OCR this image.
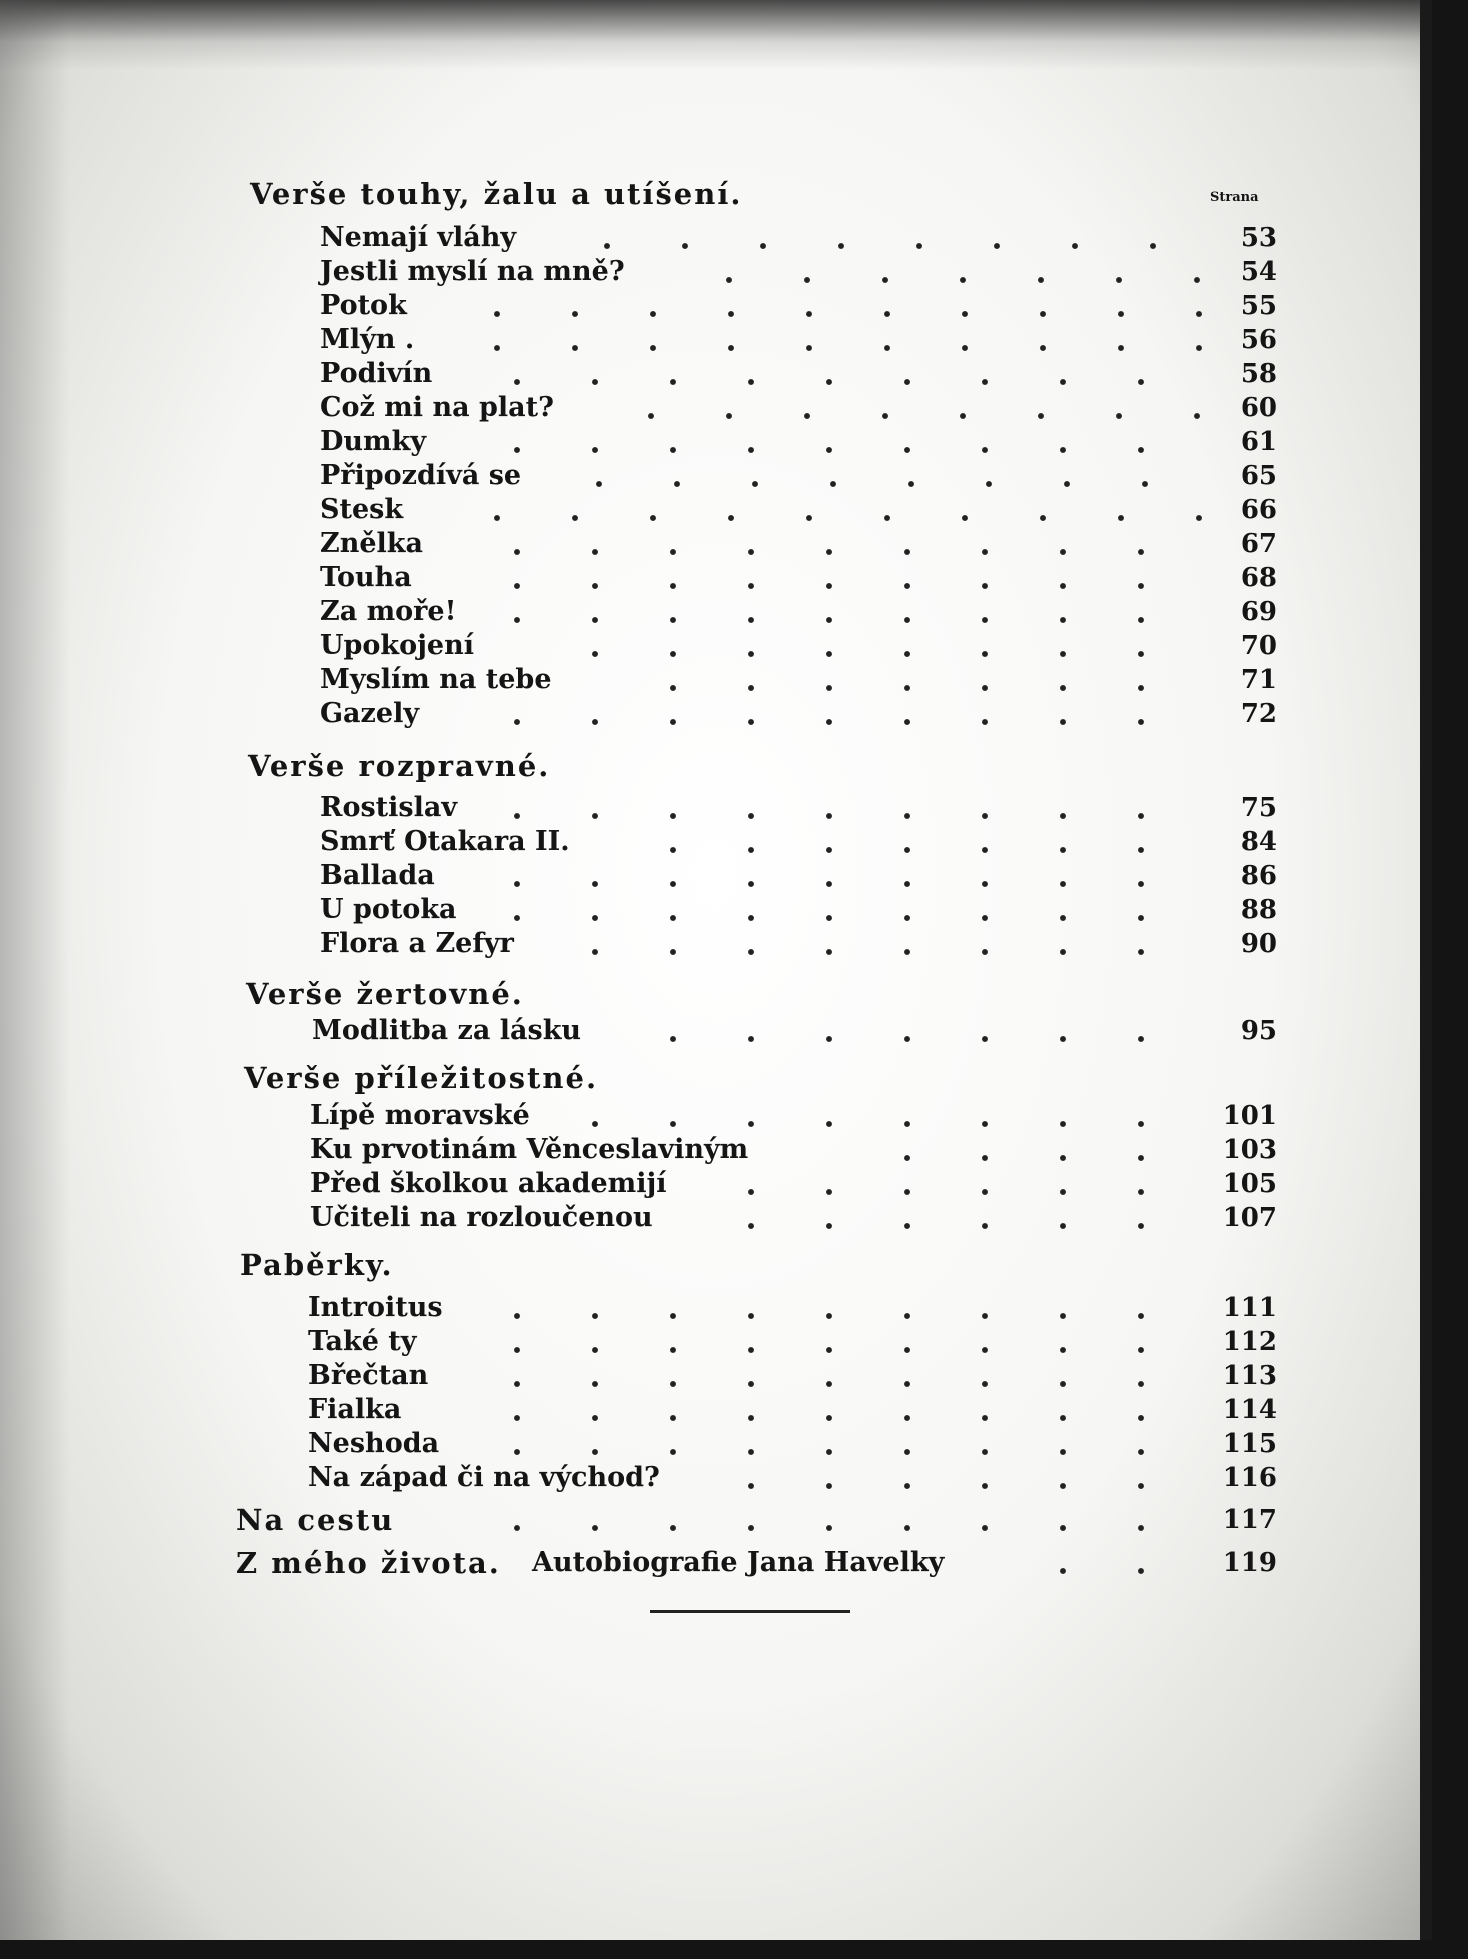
Strana
Verše touhy, žalu a utíšení.
Nemají vláhy	53
Jestli myslí na mně?	54
Potok	55
Mlýn .	56
Podivín	58
Což mi na plat?	60
Dumky	61
Připozdívá se	65
Stesk	66
Znělka	67
Touha	68
Za moře!	69
Upokojení	70
Myslím na tebe	71
Gazely	72
Verše rozpravné.
Rostislav	75
Smrť Otakara II.	84
Ballada	86
U potoka	88
Flora a Zefyr	90
Verše žertovné.
Modlitba za lásku	95
Verše příležitostné.
Lípě moravské	101
Ku prvotinám Věnceslaviným	103
Před školkou akademijí	105
Učiteli na rozloučenou	107
Paběrky.
Introitus	111
Také ty	112
Břečtan	113
Fialka	114
Neshoda	115
Na západ či na východ?	116
Na cestu	117
Z mého života. Autobiografie Jana Havelky	119
